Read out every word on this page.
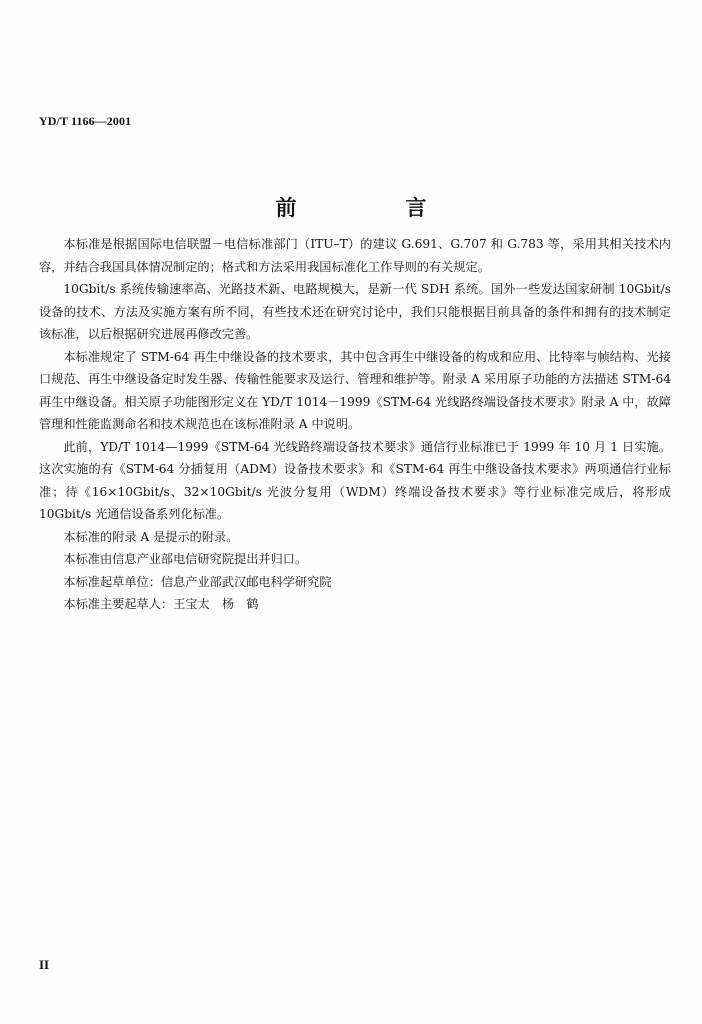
YD/T 1166—2001
前　言

本标准是根据国际电信联盟－电信标准部门（ITU–T）的建议 G.691、G.707 和 G.783 等，采用其相关技术内容，并结合我国具体情况制定的；格式和方法采用我国标准化工作导则的有关规定。

10Gbit/s 系统传输速率高、光路技术新、电路规模大，是新一代 SDH 系统。国外一些发达国家研制 10Gbit/s 设备的技术、方法及实施方案有所不同，有些技术还在研究讨论中，我们只能根据目前具备的条件和拥有的技术制定该标准，以后根据研究进展再修改完善。

本标准规定了 STM-64 再生中继设备的技术要求，其中包含再生中继设备的构成和应用、比特率与帧结构、光接口规范、再生中继设备定时发生器、传输性能要求及运行、管理和维护等。附录 A 采用原子功能的方法描述 STM-64 再生中继设备。相关原子功能图形定义在 YD/T 1014－1999《STM-64 光线路终端设备技术要求》附录 A 中，故障管理和性能监测命名和技术规范也在该标准附录 A 中说明。

此前，YD/T 1014—1999《STM-64 光线路终端设备技术要求》通信行业标准已于 1999 年 10 月 1 日实施。这次实施的有《STM-64 分插复用（ADM）设备技术要求》和《STM-64 再生中继设备技术要求》两项通信行业标准；待《16×10Gbit/s、32×10Gbit/s 光波分复用（WDM）终端设备技术要求》等行业标准完成后，将形成 10Gbit/s 光通信设备系列化标准。

本标准的附录 A 是提示的附录。

本标准由信息产业部电信研究院提出并归口。

本标准起草单位：信息产业部武汉邮电科学研究院

本标准主要起草人：王宝太　杨　鹤

II
